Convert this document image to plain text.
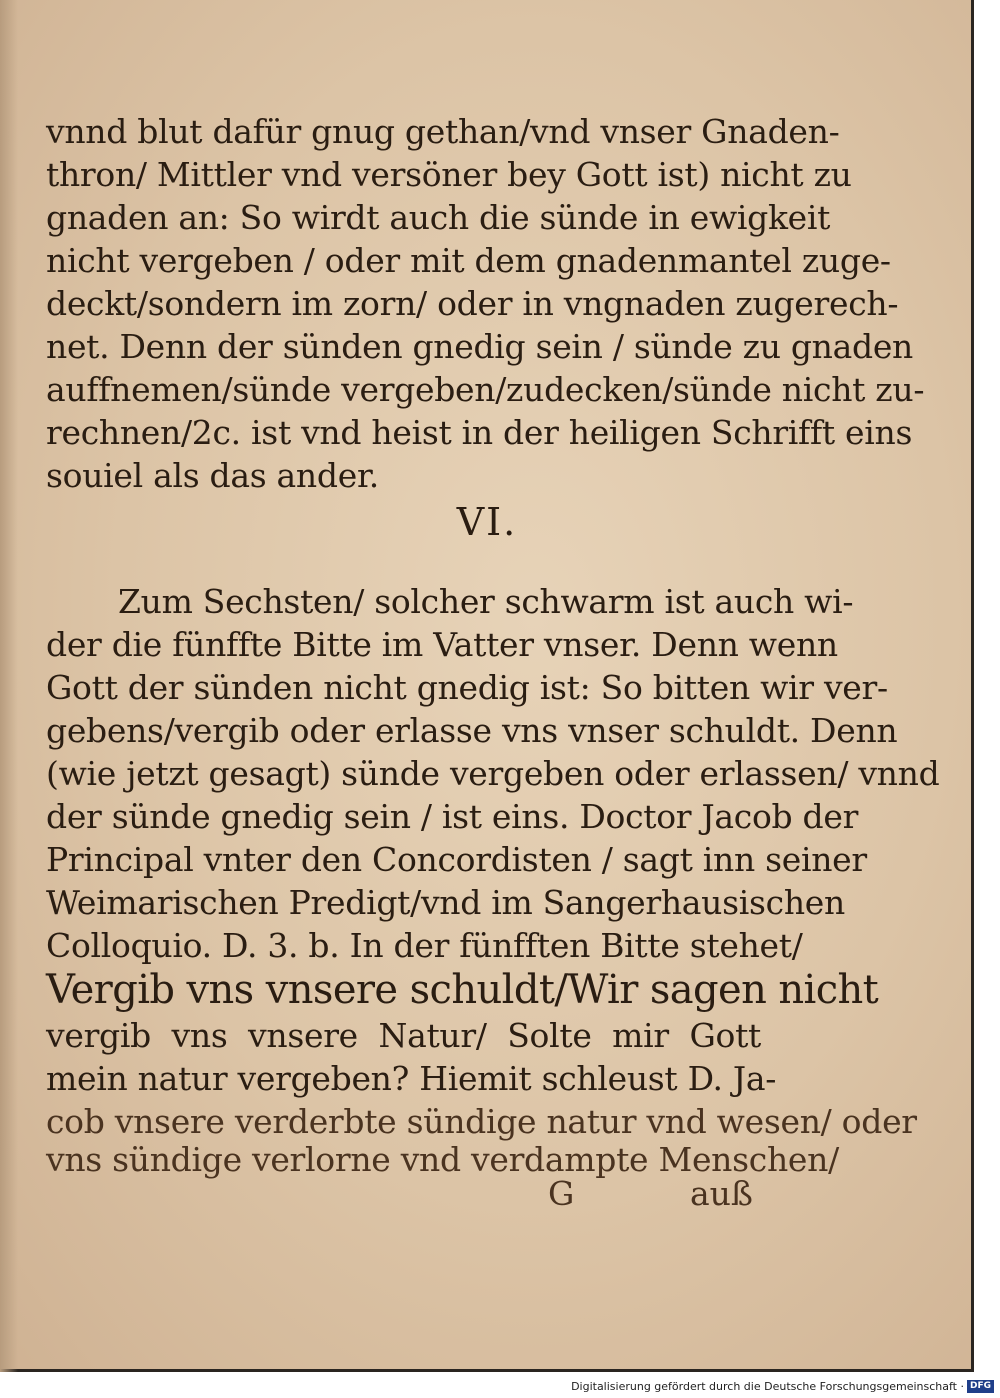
vnnd blut dafür gnug gethan/vnd vnser Gnaden-
thron/ Mittler vnd versöner bey Gott ist) nicht zu
gnaden an: So wirdt auch die sünde in ewigkeit
nicht vergeben / oder mit dem gnadenmantel zuge-
deckt/sondern im zorn/ oder in vngnaden zugerech-
net. Denn der sünden gnedig sein / sünde zu gnaden
auffnemen/sünde vergeben/zudecken/sünde nicht zu-
rechnen/2c. ist vnd heist in der heiligen Schrifft eins
souiel als das ander.
VI.
Zum Sechsten/ solcher schwarm ist auch wi-
der die fünffte Bitte im Vatter vnser. Denn wenn
Gott der sünden nicht gnedig ist: So bitten wir ver-
gebens/vergib oder erlasse vns vnser schuldt. Denn
(wie jetzt gesagt) sünde vergeben oder erlassen/ vnnd
der sünde gnedig sein / ist eins. Doctor Jacob der
Principal vnter den Concordisten / sagt inn seiner
Weimarischen Predigt/vnd im Sangerhausischen
Colloquio. D. 3. b. In der fünfften Bitte stehet/
Vergib vns vnsere schuldt/Wir sagen nicht
vergib vns vnsere Natur/ Solte mir Gott
mein natur vergeben? Hiemit schleust D. Ja-
cob vnsere verderbte sündige natur vnd wesen/ oder
vns sündige verlorne vnd verdampte Menschen/
G	auß
Digitalisierung gefördert durch die Deutsche Forschungsgemeinschaft · DFG
